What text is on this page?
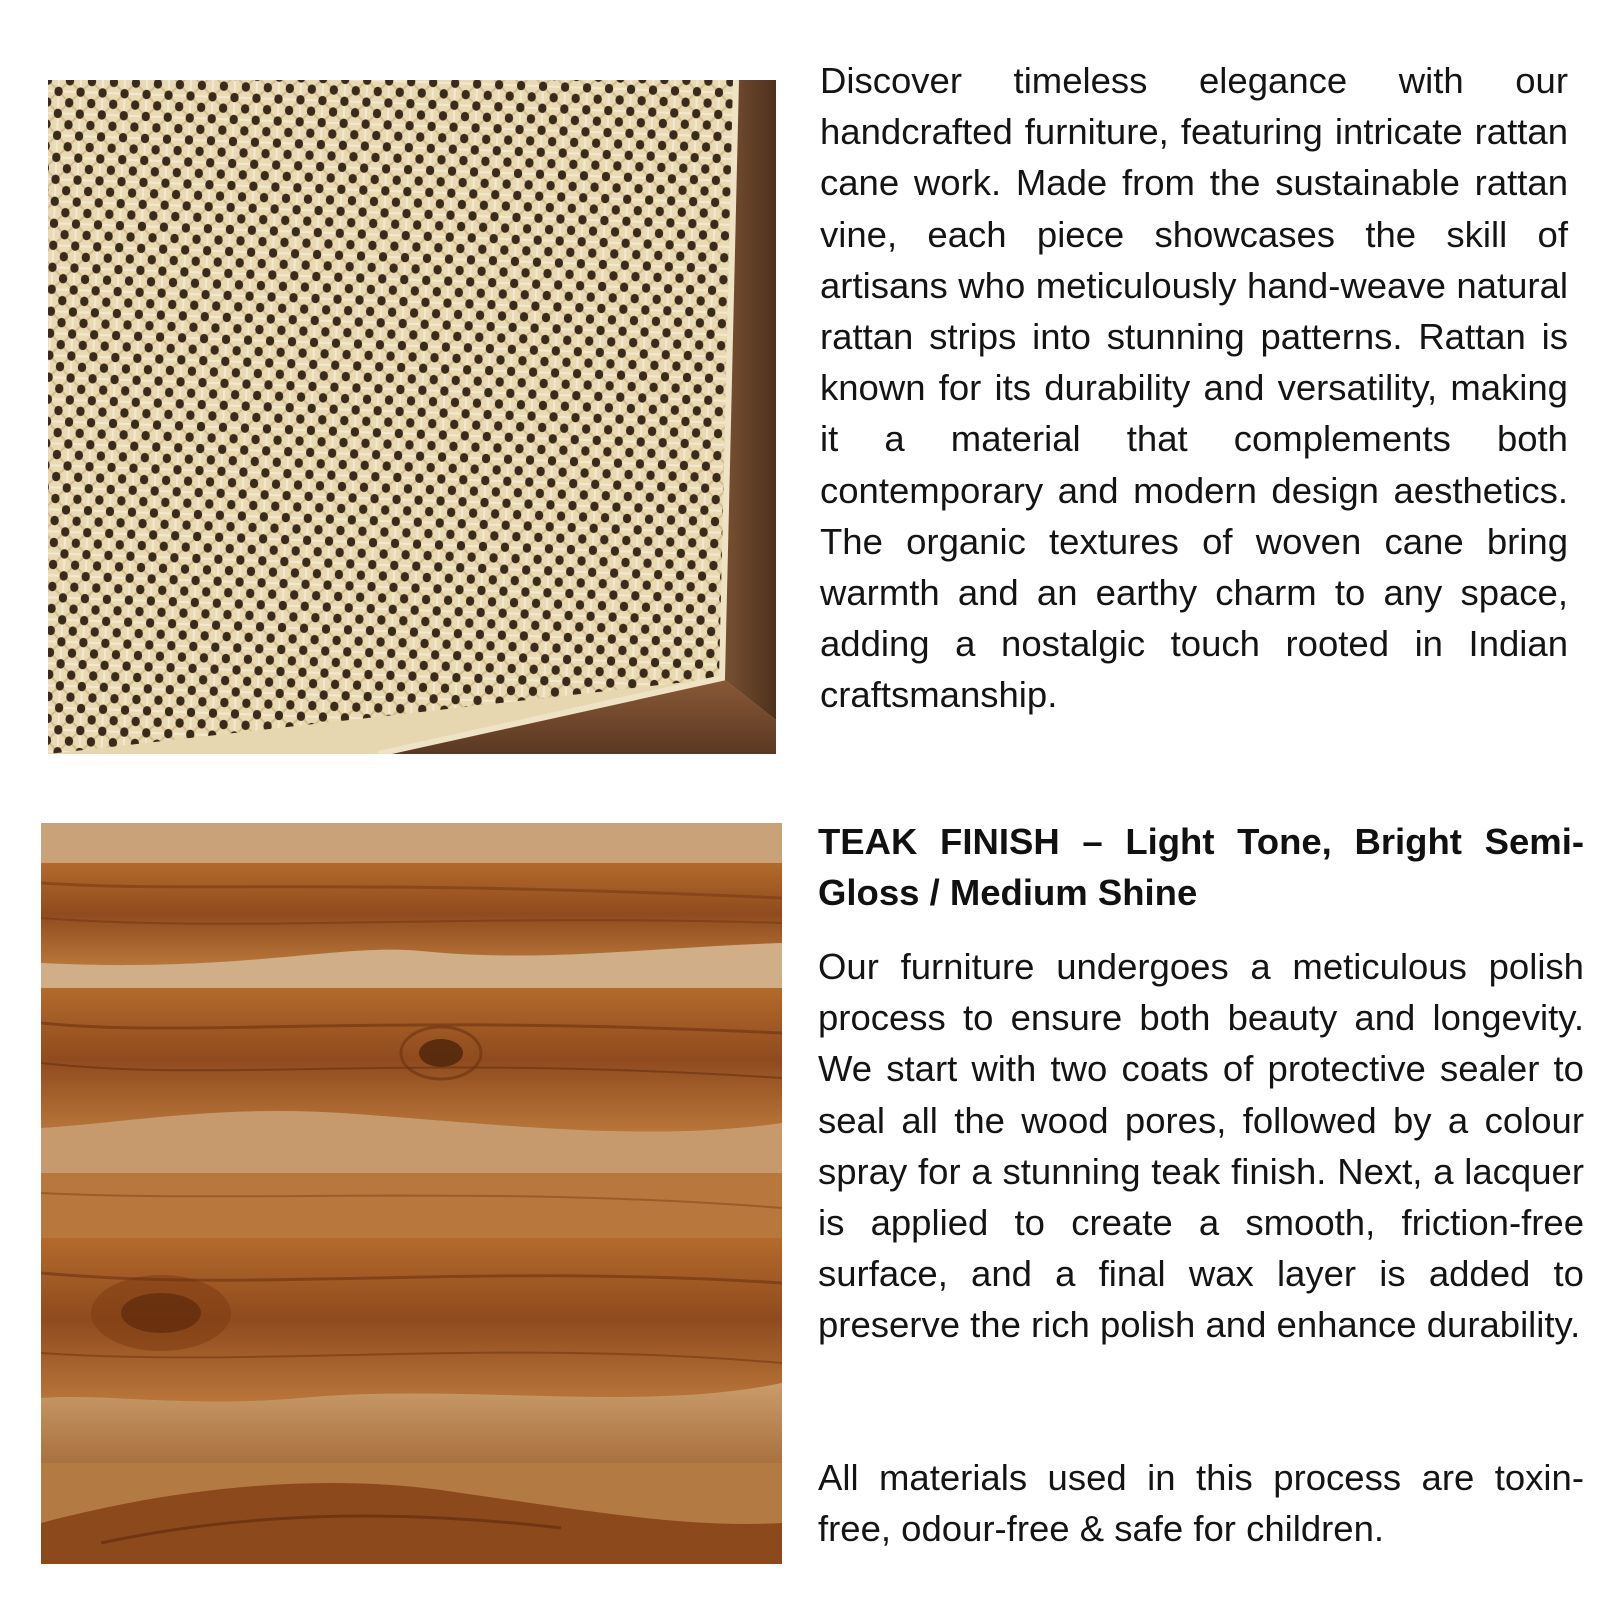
Discover timeless elegance with our handcrafted furniture, featuring intricate rattan cane work. Made from the sustainable rattan vine, each piece showcases the skill of artisans who meticulously hand-weave natural rattan strips into stunning patterns. Rattan is known for its durability and versatility, making it a material that complements both contemporary and modern design aesthetics. The organic textures of woven cane bring warmth and an earthy charm to any space, adding a nostalgic touch rooted in Indian craftsmanship.

TEAK FINISH – Light Tone, Bright Semi-Gloss / Medium Shine

Our furniture undergoes a meticulous polish process to ensure both beauty and longevity. We start with two coats of protective sealer to seal all the wood pores, followed by a colour spray for a stunning teak finish. Next, a lacquer is applied to create a smooth, friction-free surface, and a final wax layer is added to preserve the rich polish and enhance durability.

All materials used in this process are toxin-free, odour-free & safe for children.
